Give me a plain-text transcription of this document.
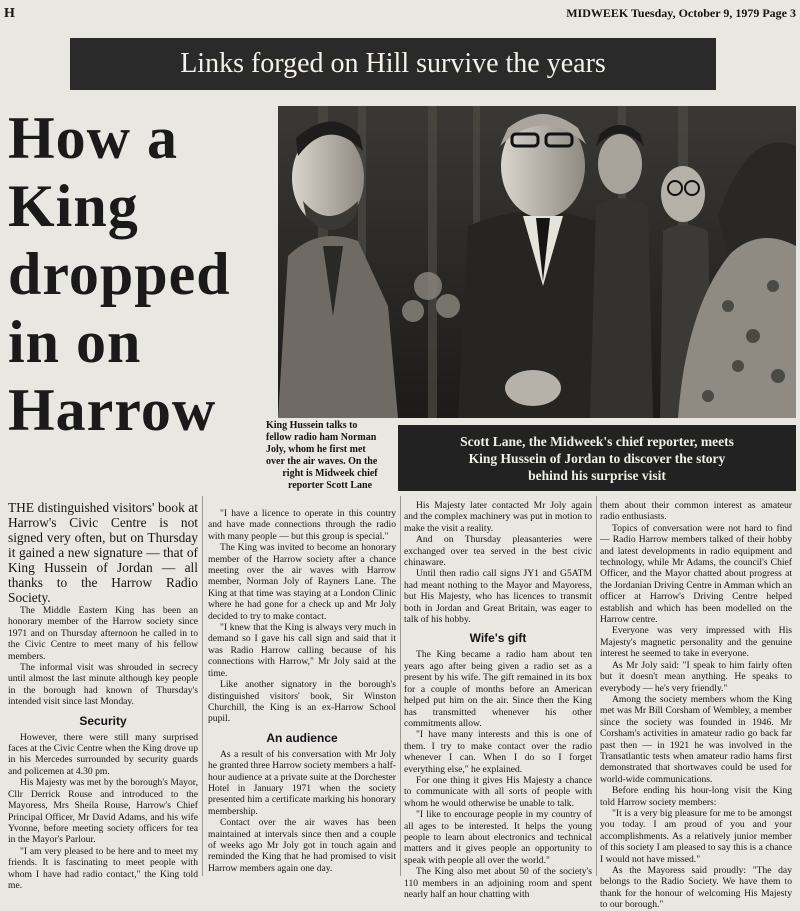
H	MIDWEEK Tuesday, October 9, 1979 Page 3
Links forged on Hill survive the years
How a
King
dropped
in on
Harrow	King Hussein talks to
fellow radio ham Norman
Joly, whom he first met
over the air waves. On the
right is Midweek chief
reporter Scott Lane
Scott Lane, the Midweek's chief reporter, meets
King Hussein of Jordan to discover the story
behind his surprise visit

THE distinguished visitors' book at Harrow's Civic Centre is not signed very often, but on Thursday it gained a new signature — that of King Hussein of Jordan — all thanks to the Harrow Radio Society.

The Middle Eastern King has been an honorary member of the Harrow society since 1971 and on Thursday afternoon he called in to the Civic Centre to meet many of his fellow members.

The informal visit was shrouded in secrecy until almost the last minute although key people in the borough had known of Thursday's intended visit since last Monday.

Security

However, there were still many surprised faces at the Civic Centre when the King drove up in his Mercedes surrounded by security guards and policemen at 4.30 pm.

His Majesty was met by the borough's Mayor, Cllr Derrick Rouse and introduced to the Mayoress, Mrs Sheila Rouse, Harrow's Chief Principal Officer, Mr David Adams, and his wife Yvonne, before meeting society officers for tea in the Mayor's Parlour.

"I am very pleased to be here and to meet my friends. It is fascinating to meet people with whom I have had radio contact," the King told me.

"I have a licence to operate in this country and have made connections through the radio with many people — but this group is special."

The King was invited to become an honorary member of the Harrow society after a chance meeting over the air waves with Harrow member, Norman Joly of Rayners Lane. The King at that time was staying at a London Clinic where he had gone for a check up and Mr Joly decided to try to make contact.

"I knew that the King is always very much in demand so I gave his call sign and said that it was Radio Harrow calling because of his connections with Harrow," Mr Joly said at the time.

Like another signatory in the borough's distinguished visitors' book, Sir Winston Churchill, the King is an ex-Harrow School pupil.

An audience

As a result of his conversation with Mr Joly he granted three Harrow society members a half-hour audience at a private suite at the Dorchester Hotel in January 1971 when the society presented him a certificate marking his honorary membership.

Contact over the air waves has been maintained at intervals since then and a couple of weeks ago Mr Joly got in touch again and reminded the King that he had promised to visit Harrow members again one day.

His Majesty later contacted Mr Joly again and the complex machinery was put in motion to make the visit a reality.

And on Thursday pleasanteries were exchanged over tea served in the best civic chinaware.

Until then radio call signs JY1 and G5ATM had meant nothing to the Mayor and Mayoress, but His Majesty, who has licences to transmit both in Jordan and Great Britain, was eager to talk of his hobby.

Wife's gift

The King became a radio ham about ten years ago after being given a radio set as a present by his wife. The gift remained in its box for a couple of months before an American helped put him on the air. Since then the King has transmitted whenever his other commitments allow.

"I have many interests and this is one of them. I try to make contact over the radio whenever I can. When I do so I forget everything else," he explained.

For one thing it gives His Majesty a chance to communicate with all sorts of people with whom he would otherwise be unable to talk.

"I like to encourage people in my country of all ages to be interested. It helps the young people to learn about electronics and technical matters and it gives people an opportunity to speak with people all over the world."

The King also met about 50 of the society's 110 members in an adjoining room and spent nearly half an hour chatting with

them about their common interest as amateur radio enthusiasts.

Topics of conversation were not hard to find — Radio Harrow members talked of their hobby and latest developments in radio equipment and technology, while Mr Adams, the council's Chief Officer, and the Mayor chatted about progress at the Jordanian Driving Centre in Amman which an officer at Harrow's Driving Centre helped establish and which has been modelled on the Harrow centre.

Everyone was very impressed with His Majesty's magnetic personality and the genuine interest he seemed to take in everyone.

As Mr Joly said: "I speak to him fairly often but it doesn't mean anything. He speaks to everybody — he's very friendly."

Among the society members whom the King met was Mr Bill Corsham of Wembley, a member since the society was founded in 1946. Mr Corsham's activities in amateur radio go back far past then — in 1921 he was involved in the Transatlantic tests when amateur radio hams first demonstrated that shortwaves could be used for world-wide communications.

Before ending his hour-long visit the King told Harrow society members:

"It is a very big pleasure for me to be amongst you today. I am proud of you and your accomplishments. As a relatively junior member of this society I am pleased to say this is a chance I would not have missed."

As the Mayoress said proudly: "The day belongs to the Radio Society. We have them to thank for the honour of welcoming His Majesty to our borough."
